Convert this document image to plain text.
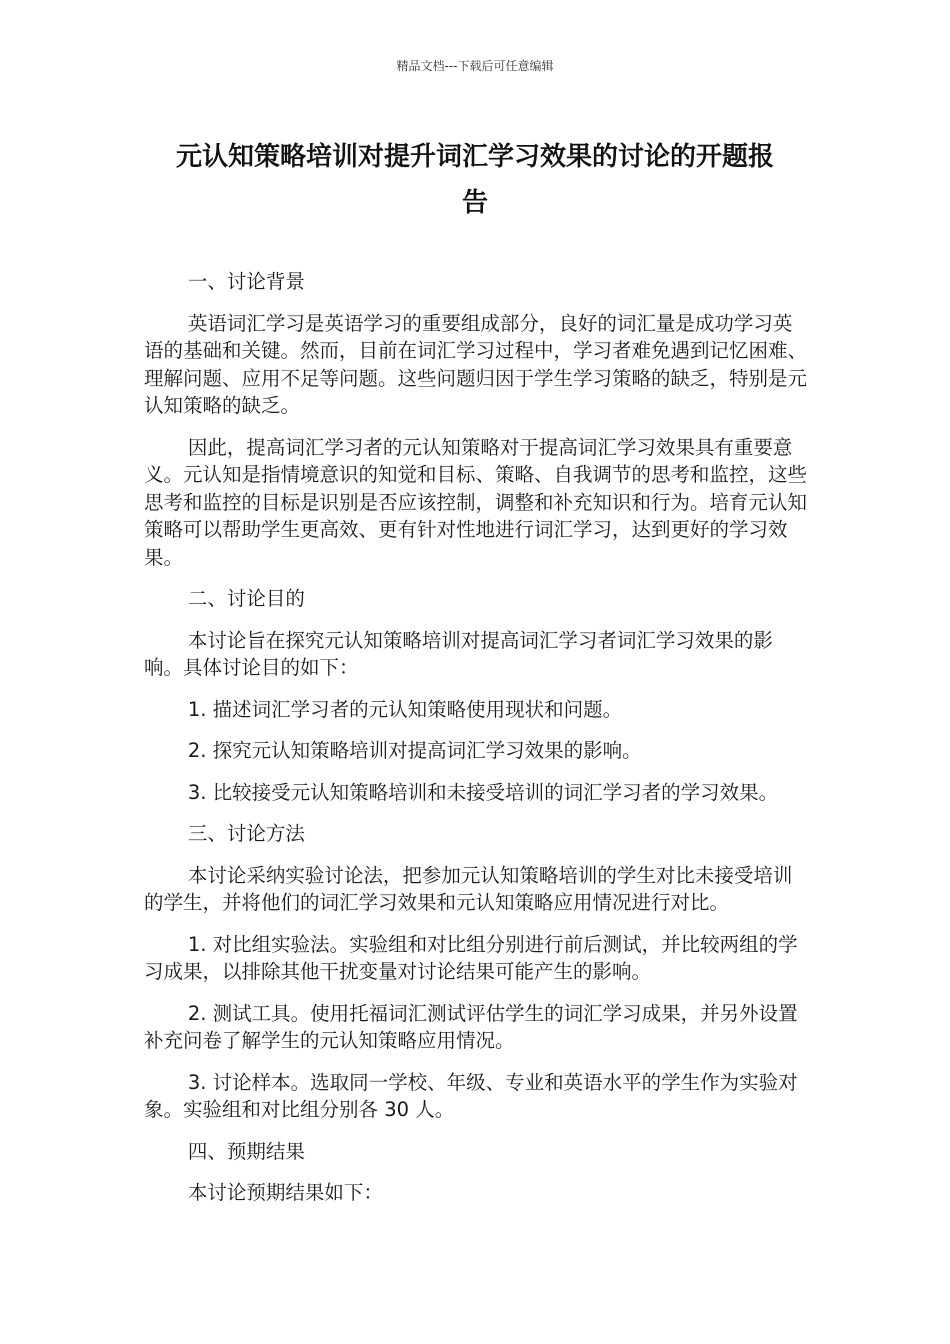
精品文档---下载后可任意编辑
元认知策略培训对提升词汇学习效果的讨论的开题报
告

一、讨论背景

英语词汇学习是英语学习的重要组成部分，良好的词汇量是成功学习英语的基础和关键。然而，目前在词汇学习过程中，学习者难免遇到记忆困难、理解问题、应用不足等问题。这些问题归因于学生学习策略的缺乏，特别是元认知策略的缺乏。

因此，提高词汇学习者的元认知策略对于提高词汇学习效果具有重要意义。元认知是指情境意识的知觉和目标、策略、自我调节的思考和监控，这些思考和监控的目标是识别是否应该控制，调整和补充知识和行为。培育元认知策略可以帮助学生更高效、更有针对性地进行词汇学习，达到更好的学习效果。

二、讨论目的

本讨论旨在探究元认知策略培训对提高词汇学习者词汇学习效果的影响。具体讨论目的如下：

1. 描述词汇学习者的元认知策略使用现状和问题。

2. 探究元认知策略培训对提高词汇学习效果的影响。

3. 比较接受元认知策略培训和未接受培训的词汇学习者的学习效果。

三、讨论方法

本讨论采纳实验讨论法，把参加元认知策略培训的学生对比未接受培训的学生，并将他们的词汇学习效果和元认知策略应用情况进行对比。

1. 对比组实验法。实验组和对比组分别进行前后测试，并比较两组的学习成果，以排除其他干扰变量对讨论结果可能产生的影响。

2. 测试工具。使用托福词汇测试评估学生的词汇学习成果，并另外设置补充问卷了解学生的元认知策略应用情况。

3. 讨论样本。选取同一学校、年级、专业和英语水平的学生作为实验对象。实验组和对比组分别各 30 人。

四、预期结果

本讨论预期结果如下：
